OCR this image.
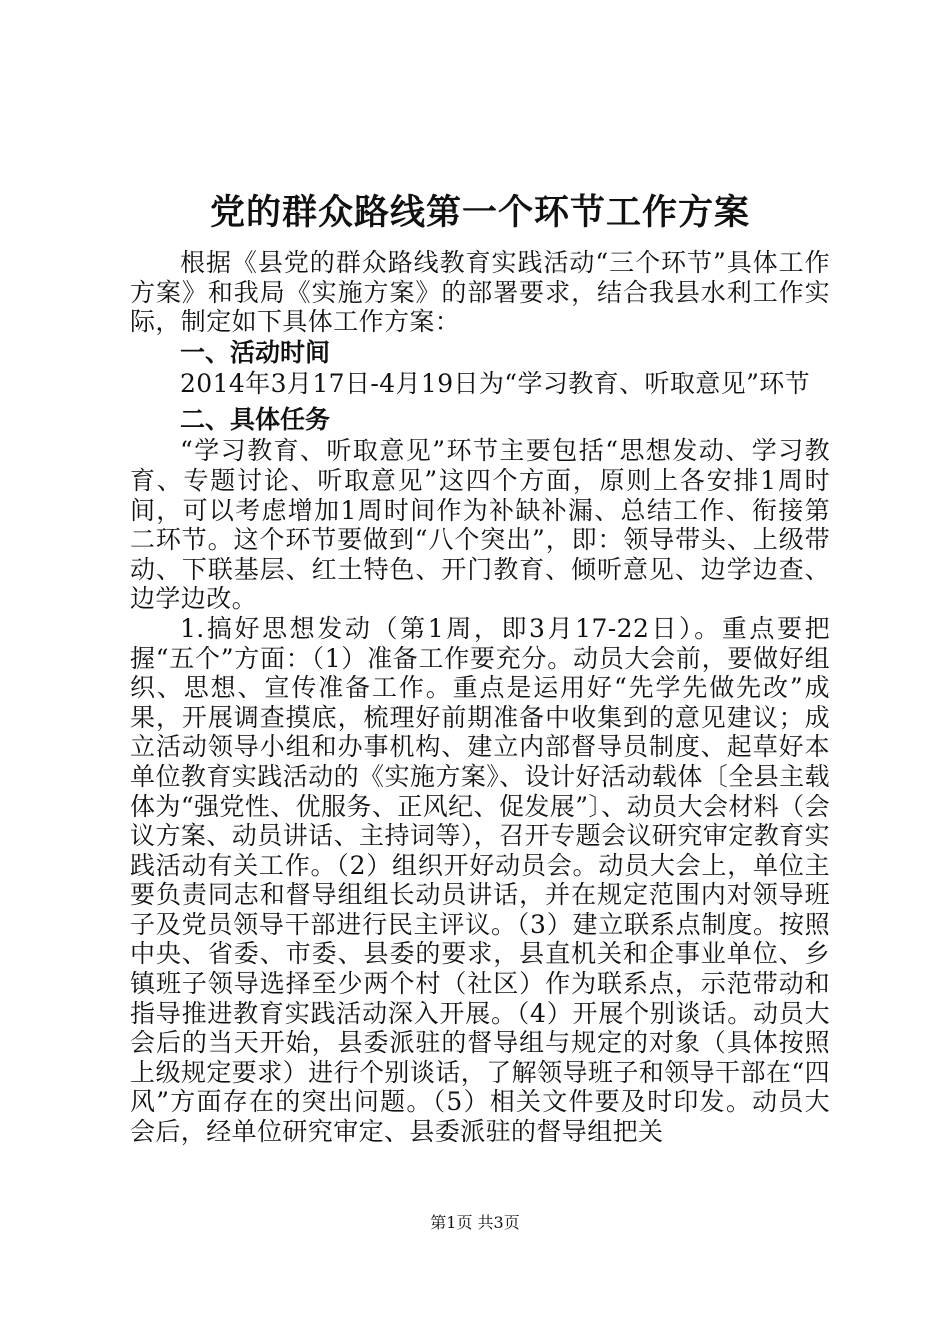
党的群众路线第一个环节工作方案

根据《县党的群众路线教育实践活动“三个环节”具体工作方案》和我局《实施方案》的部署要求，结合我县水利工作实际，制定如下具体工作方案：

一、活动时间

2014年3月17日-4月19日为“学习教育、听取意见”环节

二、具体任务

“学习教育、听取意见”环节主要包括“思想发动、学习教育、专题讨论、听取意见”这四个方面，原则上各安排1周时间，可以考虑增加1周时间作为补缺补漏、总结工作、衔接第二环节。这个环节要做到“八个突出”，即：领导带头、上级带动、下联基层、红土特色、开门教育、倾听意见、边学边查、边学边改。

1.搞好思想发动（第1周，即3月17-22日）。重点要把握“五个”方面：（1）准备工作要充分。动员大会前，要做好组织、思想、宣传准备工作。重点是运用好“先学先做先改”成果，开展调查摸底，梳理好前期准备中收集到的意见建议；成立活动领导小组和办事机构、建立内部督导员制度、起草好本单位教育实践活动的《实施方案》、设计好活动载体〔全县主载体为“强党性、优服务、正风纪、促发展”〕、动员大会材料（会议方案、动员讲话、主持词等），召开专题会议研究审定教育实践活动有关工作。（2）组织开好动员会。动员大会上，单位主要负责同志和督导组组长动员讲话，并在规定范围内对领导班子及党员领导干部进行民主评议。（3）建立联系点制度。按照中央、省委、市委、县委的要求，县直机关和企事业单位、乡镇班子领导选择至少两个村（社区）作为联系点，示范带动和指导推进教育实践活动深入开展。（4）开展个别谈话。动员大会后的当天开始，县委派驻的督导组与规定的对象（具体按照上级规定要求）进行个别谈话，了解领导班子和领导干部在“四风”方面存在的突出问题。（5）相关文件要及时印发。动员大会后，经单位研究审定、县委派驻的督导组把关

第1页 共3页
